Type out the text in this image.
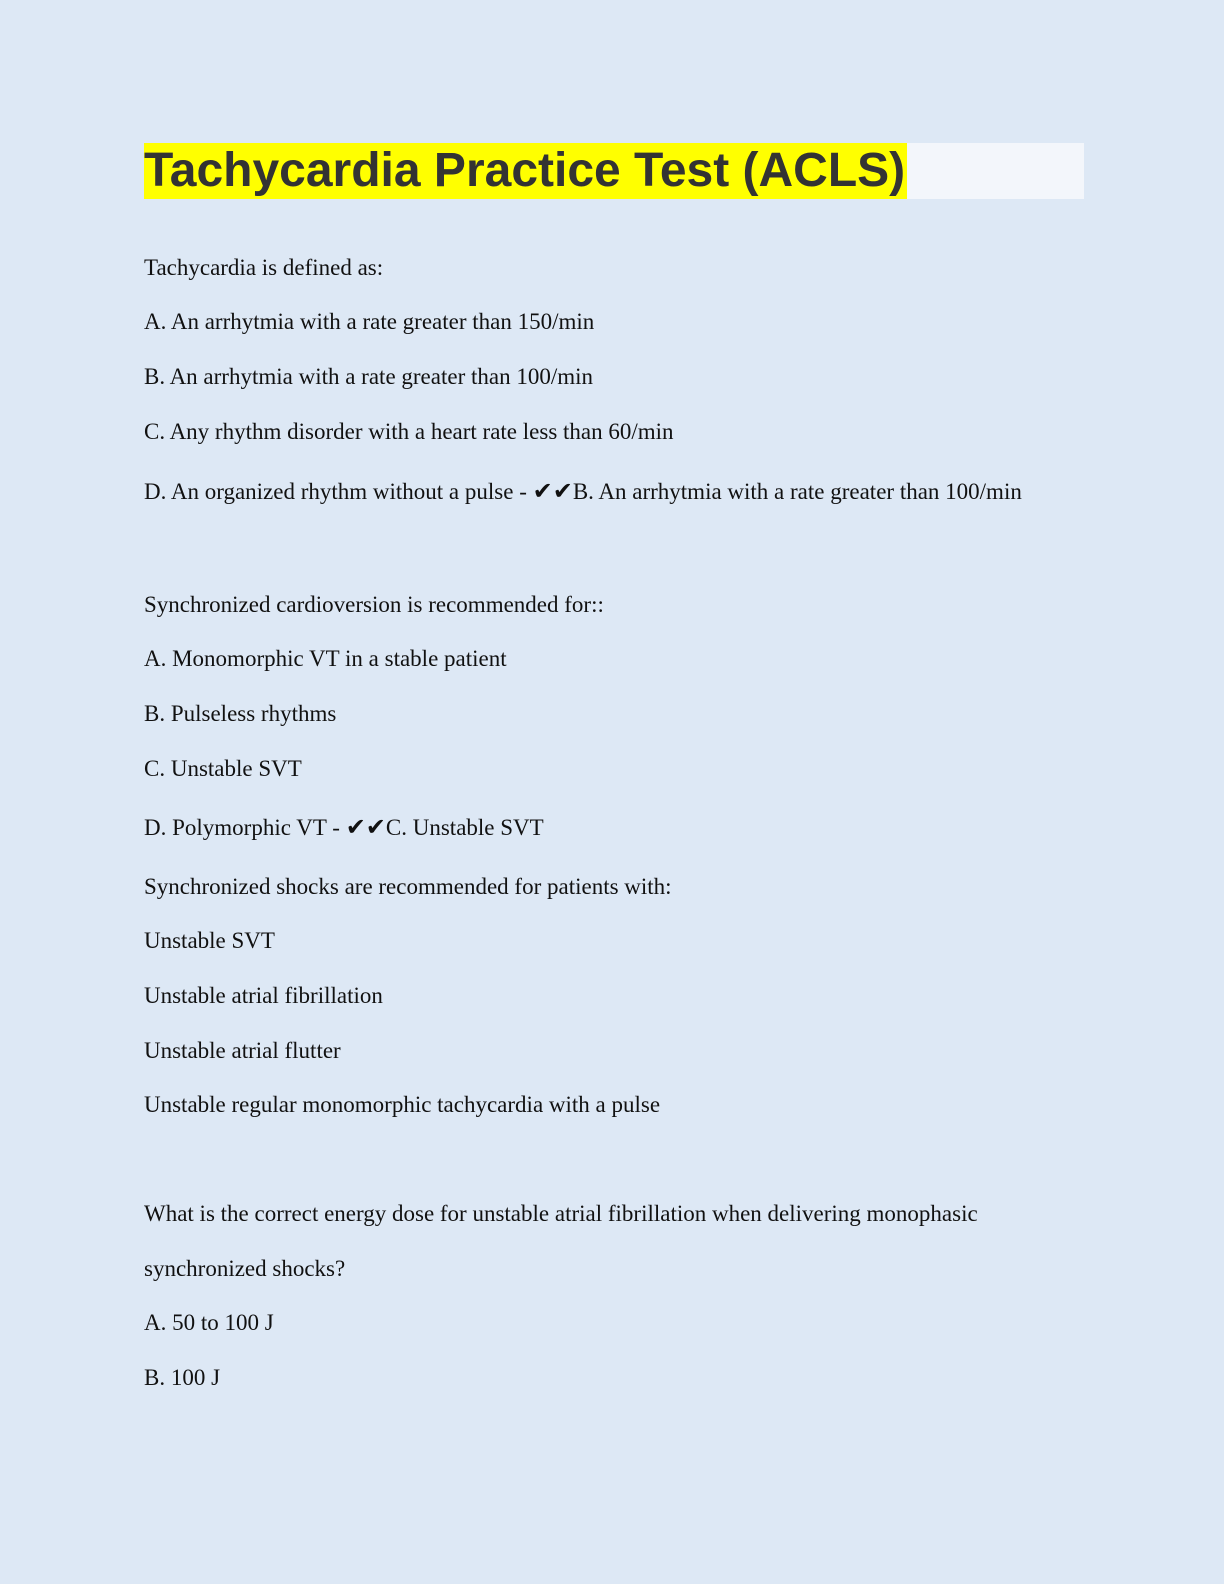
Tachycardia Practice Test (ACLS)
Tachycardia is defined as:
A. An arrhytmia with a rate greater than 150/min
B. An arrhytmia with a rate greater than 100/min
C. Any rhythm disorder with a heart rate less than 60/min
D. An organized rhythm without a pulse - ✔✔B. An arrhytmia with a rate greater than 100/min
Synchronized cardioversion is recommended for::
A. Monomorphic VT in a stable patient
B. Pulseless rhythms
C. Unstable SVT
D. Polymorphic VT - ✔✔C. Unstable SVT
Synchronized shocks are recommended for patients with:
Unstable SVT
Unstable atrial fibrillation
Unstable atrial flutter
Unstable regular monomorphic tachycardia with a pulse
What is the correct energy dose for unstable atrial fibrillation when delivering monophasic
synchronized shocks?
A. 50 to 100 J
B. 100 J
